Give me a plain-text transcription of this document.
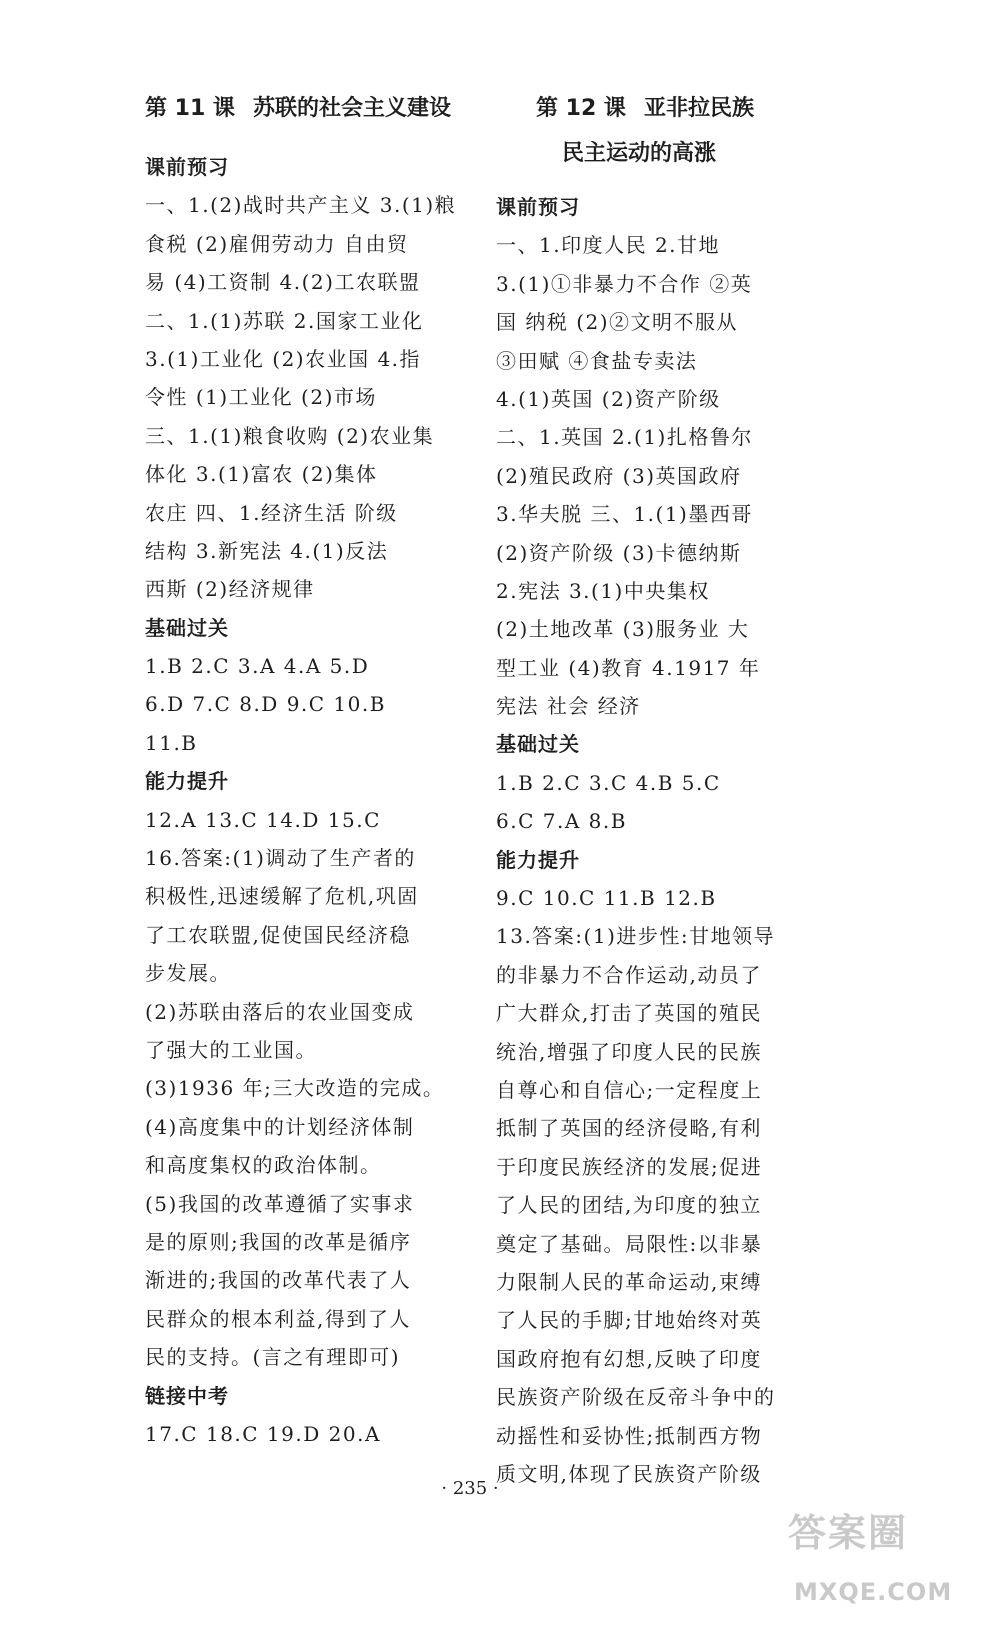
第 11 课 苏联的社会主义建设
课前预习
一、1.(2)战时共产主义 3.(1)粮
食税 (2)雇佣劳动力 自由贸
易 (4)工资制 4.(2)工农联盟
二、1.(1)苏联 2.国家工业化
3.(1)工业化 (2)农业国 4.指
令性 (1)工业化 (2)市场
三、1.(1)粮食收购 (2)农业集
体化 3.(1)富农 (2)集体
农庄 四、1.经济生活 阶级
结构 3.新宪法 4.(1)反法
西斯 (2)经济规律
基础过关
1.B 2.C 3.A 4.A 5.D
6.D 7.C 8.D 9.C 10.B
11.B
能力提升
12.A 13.C 14.D 15.C
16.答案:(1)调动了生产者的
积极性,迅速缓解了危机,巩固
了工农联盟,促使国民经济稳
步发展。
(2)苏联由落后的农业国变成
了强大的工业国。
(3)1936 年;三大改造的完成。
(4)高度集中的计划经济体制
和高度集权的政治体制。
(5)我国的改革遵循了实事求
是的原则;我国的改革是循序
渐进的;我国的改革代表了人
民群众的根本利益,得到了人
民的支持。(言之有理即可)
链接中考
17.C 18.C 19.D 20.A
第 12 课 亚非拉民族
民主运动的高涨
课前预习
一、1.印度人民 2.甘地
3.(1)①非暴力不合作 ②英
国 纳税 (2)②文明不服从
③田赋 ④食盐专卖法
4.(1)英国 (2)资产阶级
二、1.英国 2.(1)扎格鲁尔
(2)殖民政府 (3)英国政府
3.华夫脱 三、1.(1)墨西哥
(2)资产阶级 (3)卡德纳斯
2.宪法 3.(1)中央集权
(2)土地改革 (3)服务业 大
型工业 (4)教育 4.1917 年
宪法 社会 经济
基础过关
1.B 2.C 3.C 4.B 5.C
6.C 7.A 8.B
能力提升
9.C 10.C 11.B 12.B
13.答案:(1)进步性:甘地领导
的非暴力不合作运动,动员了
广大群众,打击了英国的殖民
统治,增强了印度人民的民族
自尊心和自信心;一定程度上
抵制了英国的经济侵略,有利
于印度民族经济的发展;促进
了人民的团结,为印度的独立
奠定了基础。局限性:以非暴
力限制人民的革命运动,束缚
了人民的手脚;甘地始终对英
国政府抱有幻想,反映了印度
民族资产阶级在反帝斗争中的
动摇性和妥协性;抵制西方物
质文明,体现了民族资产阶级
· 235 ·
答案圈
MXQE.COM
